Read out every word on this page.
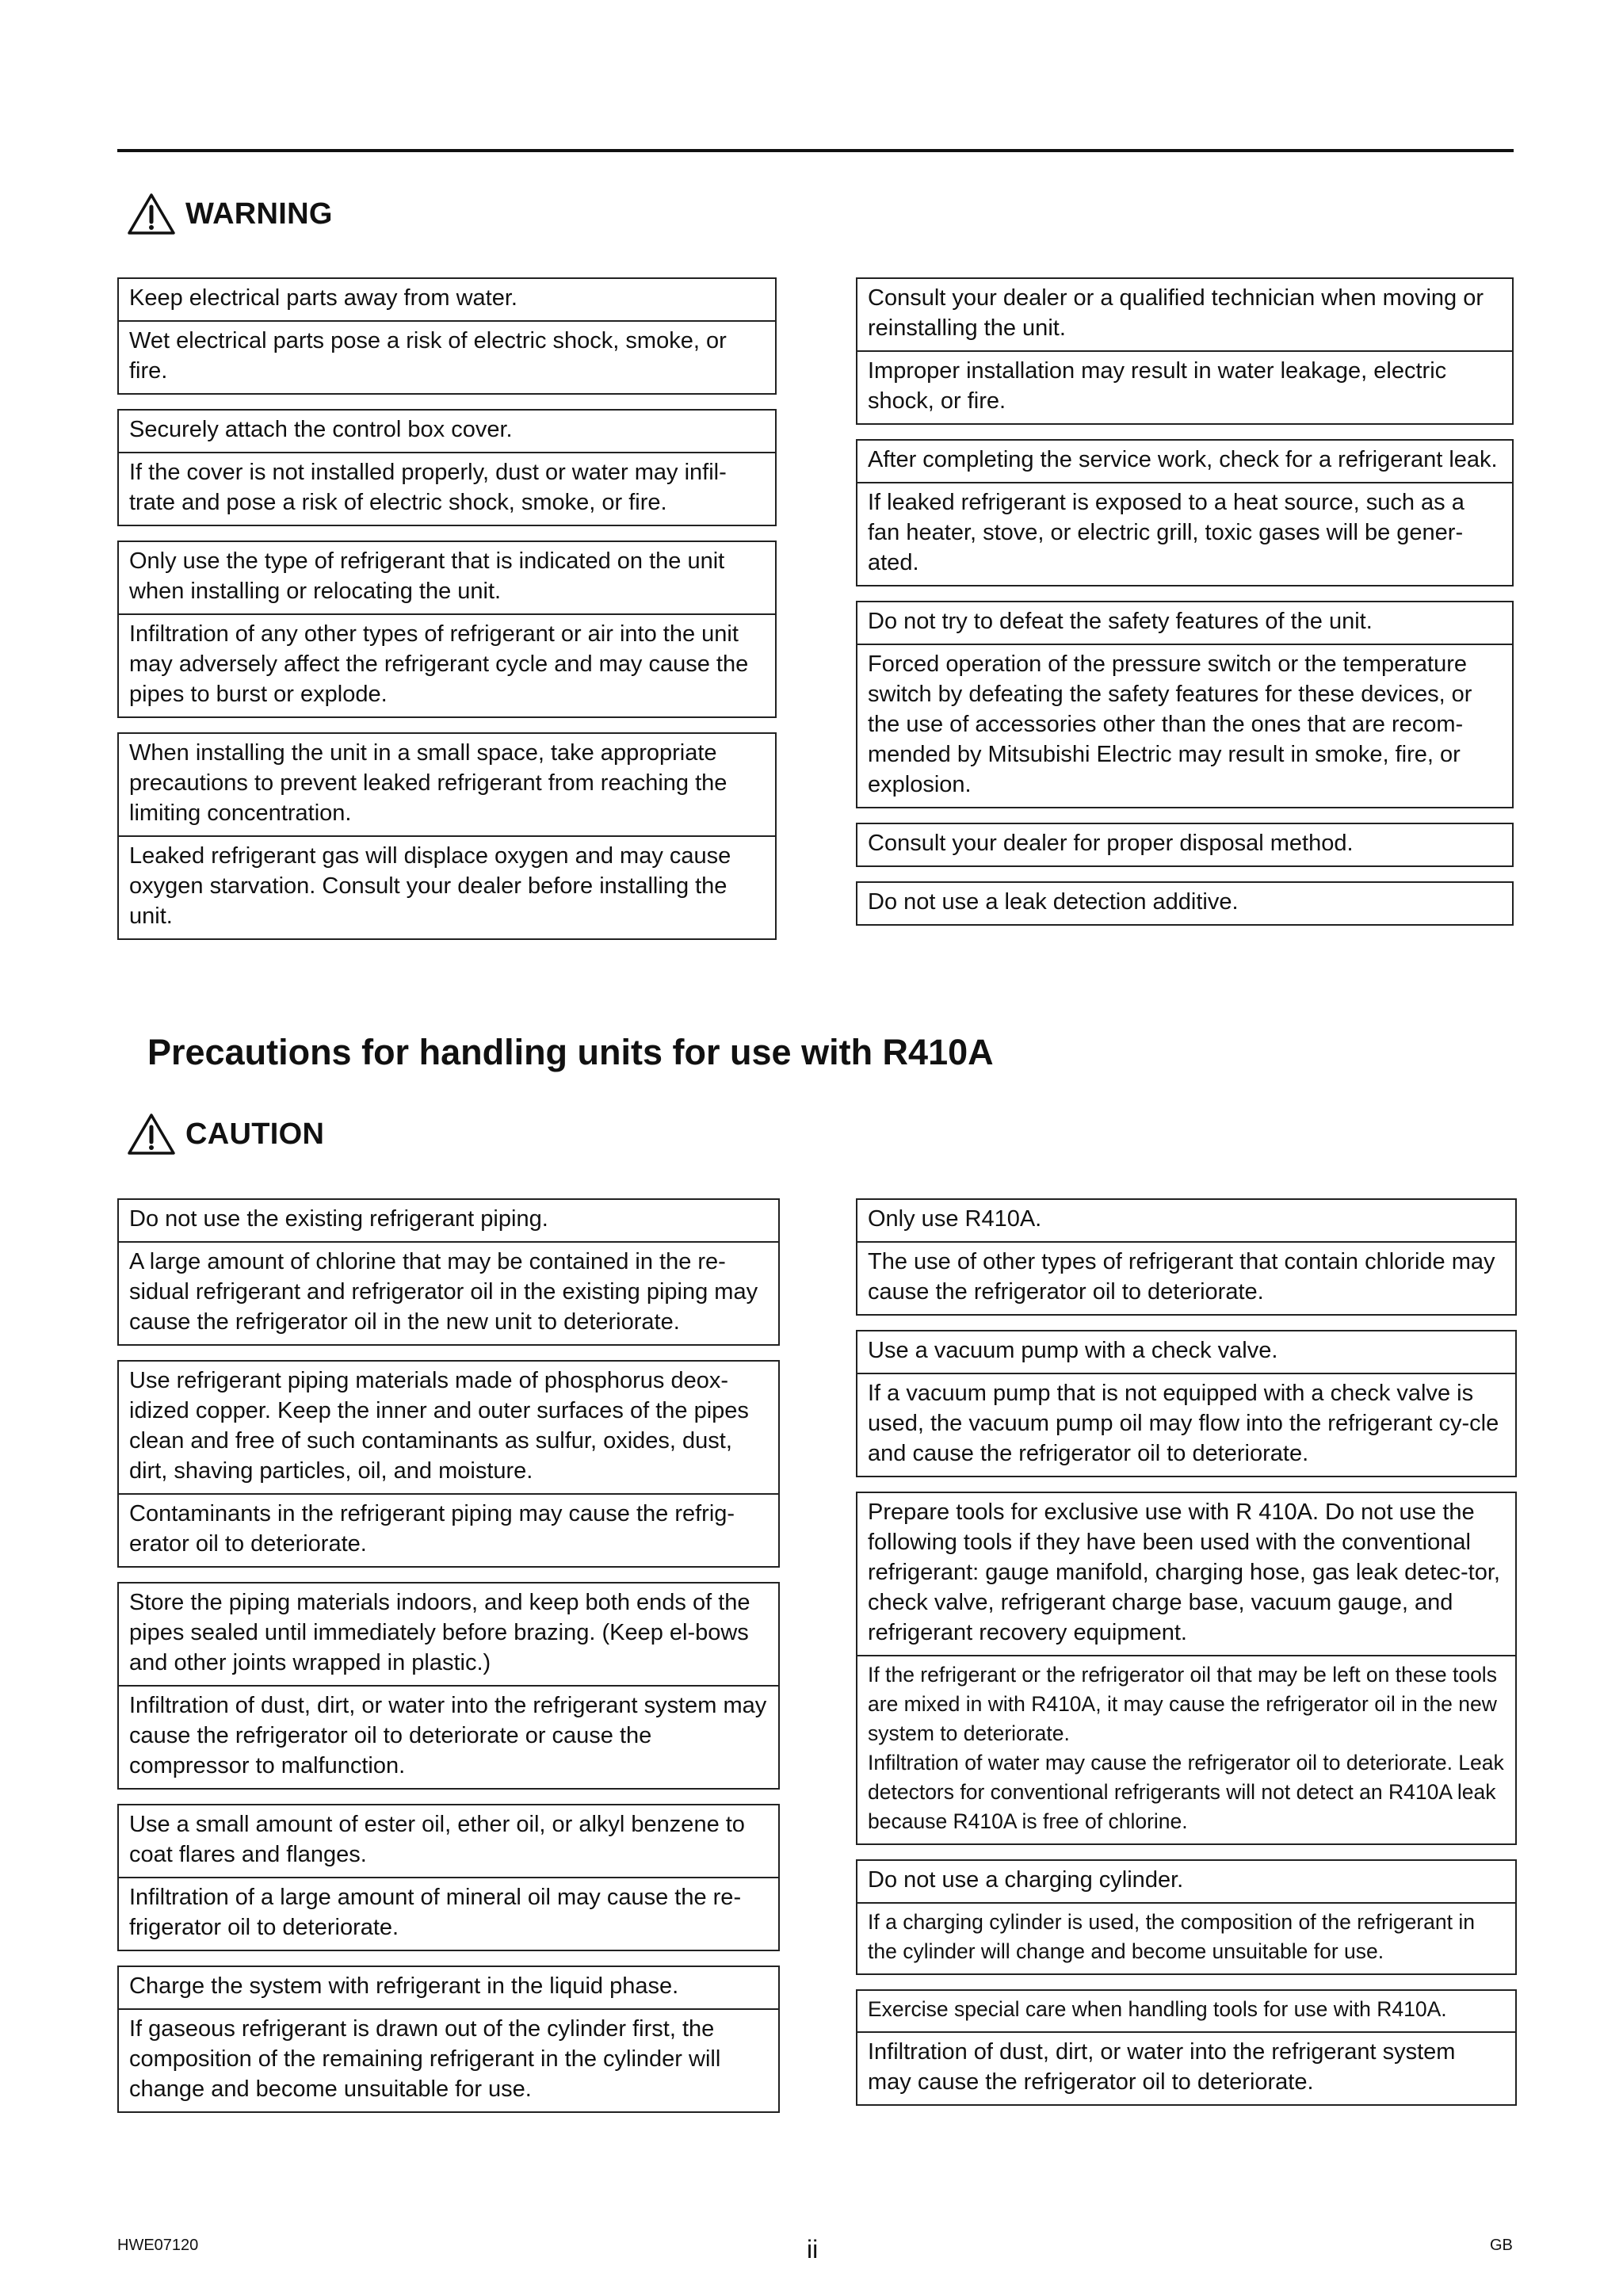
WARNING
Keep electrical parts away from water.
Wet electrical parts pose a risk of electric shock, smoke, or fire.
Securely attach the control box cover.
If the cover is not installed properly, dust or water may infil-trate and pose a risk of electric shock, smoke, or fire.
Only use the type of refrigerant that is indicated on the unit when installing or relocating the unit.
Infiltration of any other types of refrigerant or air into the unit may adversely affect the refrigerant cycle and may cause the pipes to burst or explode.
When installing the unit in a small space, take appropriate precautions to prevent leaked refrigerant from reaching the limiting concentration.
Leaked refrigerant gas will displace oxygen and may cause oxygen starvation. Consult your dealer before installing the unit.
Consult your dealer or a qualified technician when moving or reinstalling the unit.
Improper installation may result in water leakage, electric shock, or fire.
After completing the service work, check for a refrigerant leak.
If leaked refrigerant is exposed to a heat source, such as a fan heater, stove, or electric grill, toxic gases will be gener-ated.
Do not try to defeat the safety features of the unit.
Forced operation of the pressure switch or the temperature switch by defeating the safety features for these devices, or the use of accessories other than the ones that are recom-mended by Mitsubishi Electric may result in smoke, fire, or explosion.
Consult your dealer for proper disposal method.
Do not use a leak detection additive.
Precautions for handling units for use with R410A
CAUTION
Do not use the existing refrigerant piping.
A large amount of chlorine that may be contained in the re-sidual refrigerant and refrigerator oil in the existing piping may cause the refrigerator oil in the new unit to deteriorate.
Use refrigerant piping materials made of phosphorus deox-idized copper. Keep the inner and outer surfaces of the pipes clean and free of such contaminants as sulfur, oxides, dust, dirt, shaving particles, oil, and moisture.
Contaminants in the refrigerant piping may cause the refrig-erator oil to deteriorate.
Store the piping materials indoors, and keep both ends of the pipes sealed until immediately before brazing. (Keep el-bows and other joints wrapped in plastic.)
Infiltration of dust, dirt, or water into the refrigerant system may cause the refrigerator oil to deteriorate or cause the compressor to malfunction.
Use a small amount of ester oil, ether oil, or alkyl benzene to coat flares and flanges.
Infiltration of a large amount of mineral oil may cause the re-frigerator oil to deteriorate.
Charge the system with refrigerant in the liquid phase.
If gaseous refrigerant is drawn out of the cylinder first, the composition of the remaining refrigerant in the cylinder will change and become unsuitable for use.
Only use R410A.
The use of other types of refrigerant that contain chloride may cause the refrigerator oil to deteriorate.
Use a vacuum pump with a check valve.
If a vacuum pump that is not equipped with a check valve is used, the vacuum pump oil may flow into the refrigerant cy-cle and cause the refrigerator oil to deteriorate.
Prepare tools for exclusive use with R 410A. Do not use the following tools if they have been used with the conventional refrigerant: gauge manifold, charging hose, gas leak detec-tor, check valve, refrigerant charge base, vacuum gauge, and refrigerant recovery equipment.
If the refrigerant or the refrigerator oil that may be left on these tools are mixed in with R410A, it may cause the refrigerator oil in the new system to deteriorate.
Infiltration of water may cause the refrigerator oil to deteriorate. Leak detectors for conventional refrigerants will not detect an R410A leak because R410A is free of chlorine.
Do not use a charging cylinder.
If a charging cylinder is used, the composition of the refrigerant in the cylinder will change and become unsuitable for use.
Exercise special care when handling tools for use with R410A.
Infiltration of dust, dirt, or water into the refrigerant system may cause the refrigerator oil to deteriorate.
HWE07120	ii	GB
